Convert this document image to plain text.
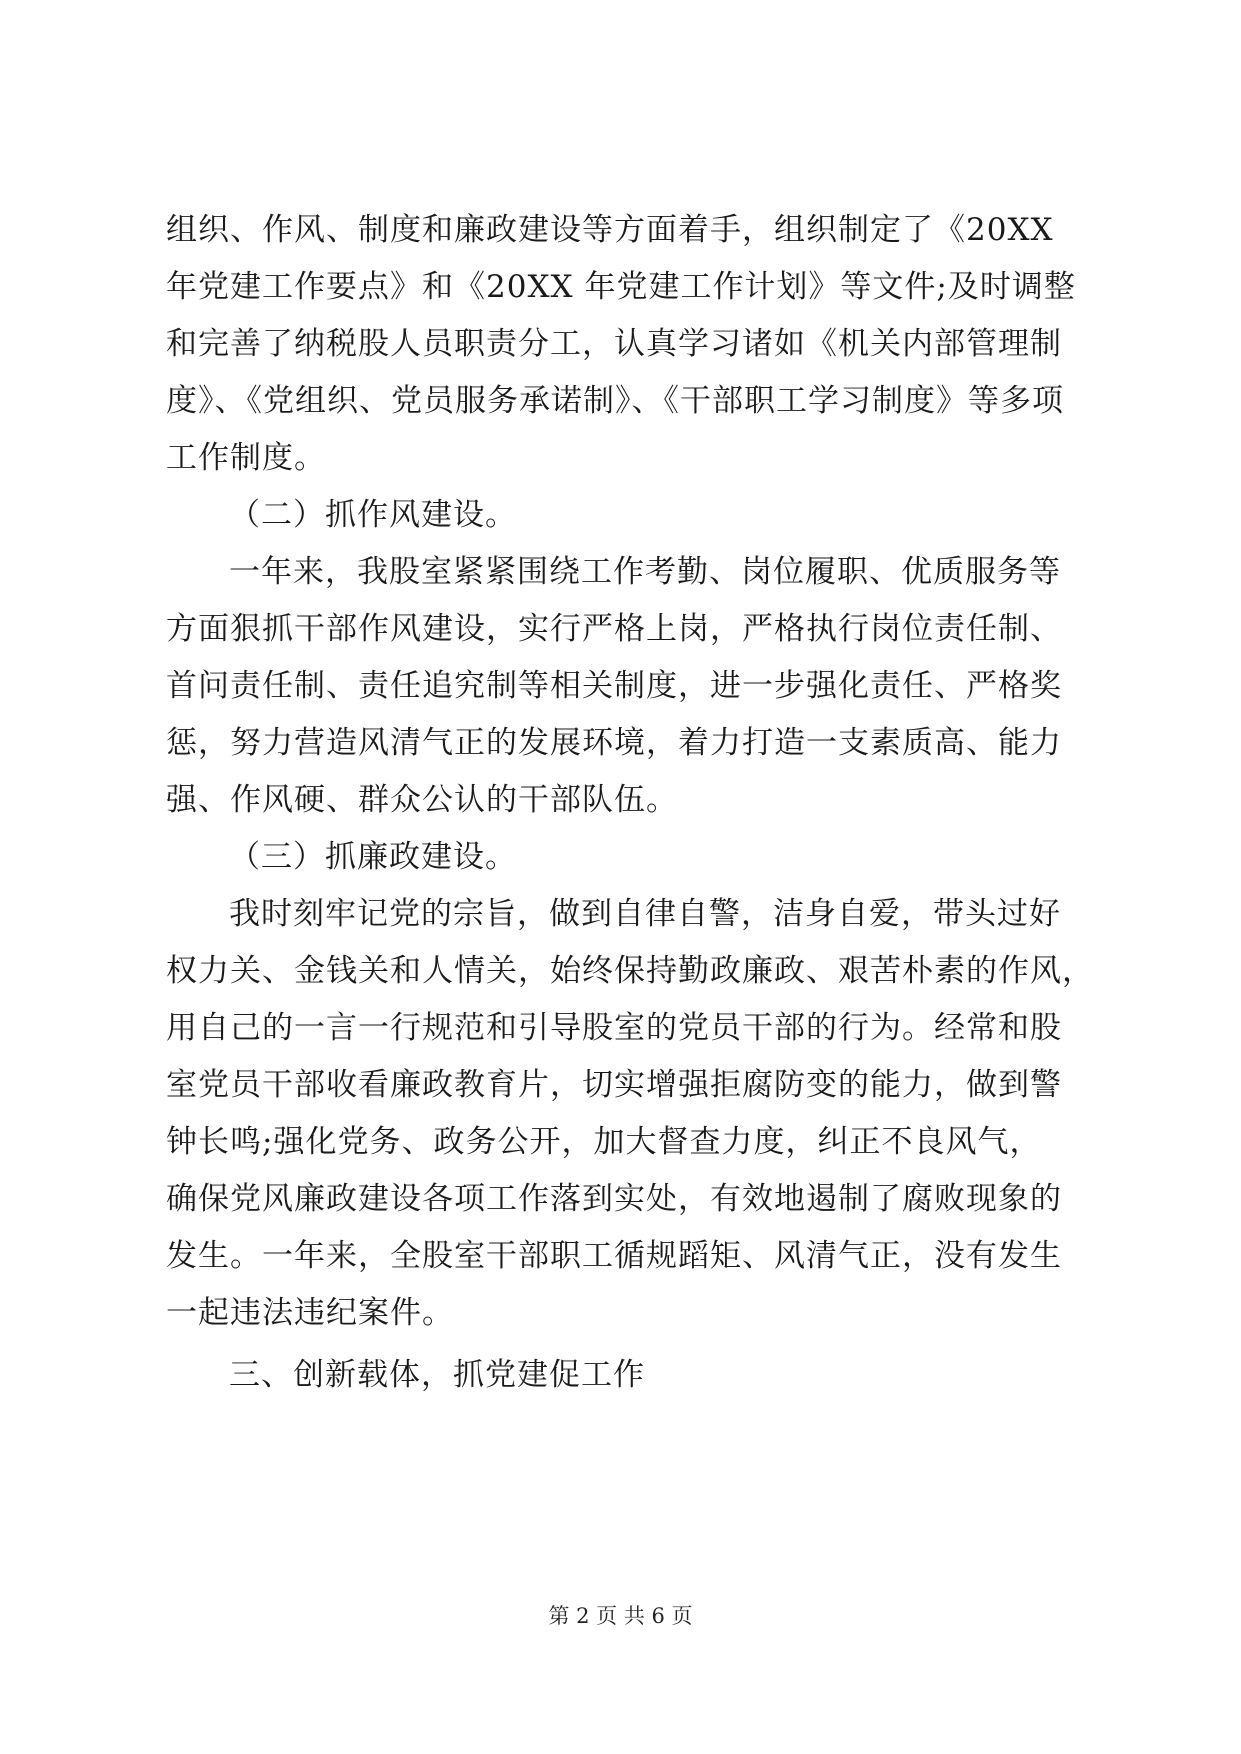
组织、作风、制度和廉政建设等方面着手，组织制定了《20XX
年党建工作要点》和《20XX 年党建工作计划》等文件;及时调整
和完善了纳税股人员职责分工，认真学习诸如《机关内部管理制
度》、《党组织、党员服务承诺制》、《干部职工学习制度》等多项
工作制度。
（二）抓作风建设。
一年来，我股室紧紧围绕工作考勤、岗位履职、优质服务等
方面狠抓干部作风建设，实行严格上岗，严格执行岗位责任制、
首问责任制、责任追究制等相关制度，进一步强化责任、严格奖
惩，努力营造风清气正的发展环境，着力打造一支素质高、能力
强、作风硬、群众公认的干部队伍。
（三）抓廉政建设。
我时刻牢记党的宗旨，做到自律自警，洁身自爱，带头过好
权力关、金钱关和人情关，始终保持勤政廉政、艰苦朴素的作风，
用自己的一言一行规范和引导股室的党员干部的行为。经常和股
室党员干部收看廉政教育片，切实增强拒腐防变的能力，做到警
钟长鸣;强化党务、政务公开，加大督查力度，纠正不良风气，
确保党风廉政建设各项工作落到实处，有效地遏制了腐败现象的
发生。一年来，全股室干部职工循规蹈矩、风清气正，没有发生
一起违法违纪案件。
三、创新载体，抓党建促工作
第 2 页 共 6 页
